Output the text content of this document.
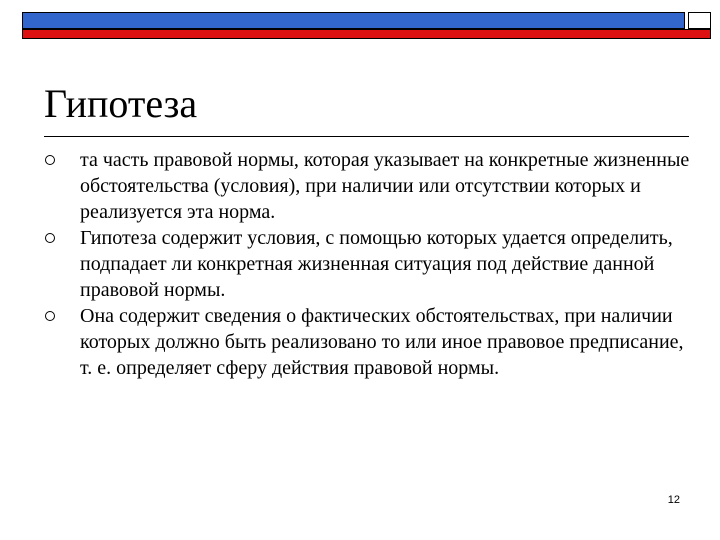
Гипотеза
та часть правовой нормы, которая указывает на конкретные жизненные обстоятельства (условия), при наличии или отсутствии которых и реализуется эта норма.
Гипотеза содержит условия, с помощью которых удается определить, подпадает ли конкретная жизненная ситуация под действие данной правовой нормы.
Она содержит сведения о фактических обстоятельствах, при наличии которых должно быть реализовано то или иное правовое предписание, т. е. определяет сферу действия правовой нормы.
12
